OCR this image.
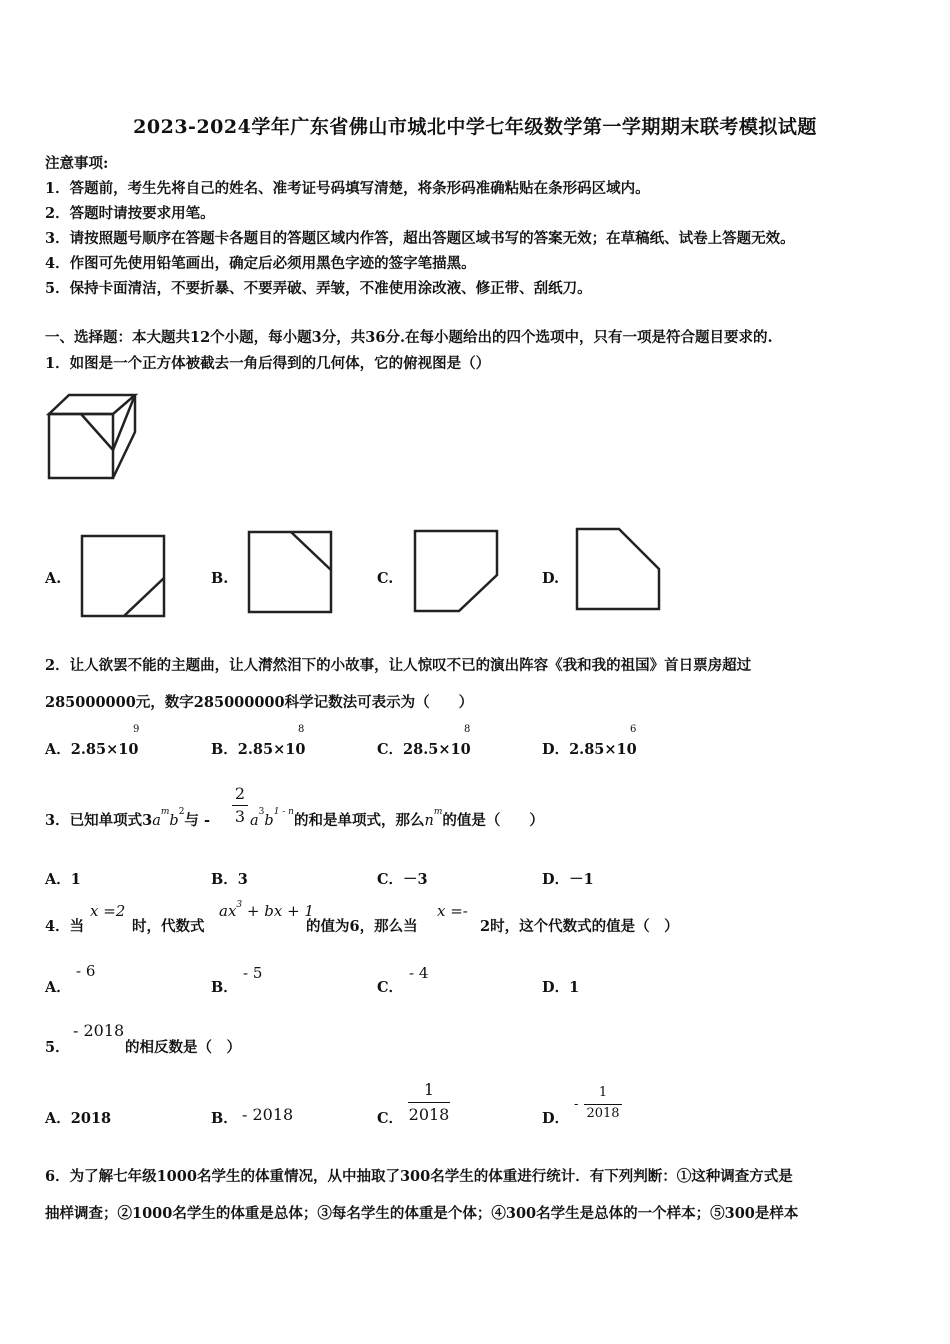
2023-2024学年广东省佛山市城北中学七年级数学第一学期期末联考模拟试题
注意事项:
1．答题前，考生先将自己的姓名、准考证号码填写清楚，将条形码准确粘贴在条形码区域内。
2．答题时请按要求用笔。
3．请按照题号顺序在答题卡各题目的答题区域内作答，超出答题区域书写的答案无效；在草稿纸、试卷上答题无效。
4．作图可先使用铅笔画出，确定后必须用黑色字迹的签字笔描黑。
5．保持卡面清洁，不要折暴、不要弄破、弄皱，不准使用涂改液、修正带、刮纸刀。
一、选择题：本大题共12个小题，每小题3分，共36分.在每小题给出的四个选项中，只有一项是符合题目要求的.
1．如图是一个正方体被截去一角后得到的几何体，它的俯视图是（）
A.	B.	C.	D.
2．让人欲罢不能的主题曲，让人潸然泪下的小故事，让人惊叹不已的演出阵容《我和我的祖国》首日票房超过
285000000元，数字285000000科学记数法可表示为（　　）
A．2.85×10
9
B．2.85×10
8
C．28.5×10
8
D．2.85×10
6
3．已知单项式$3a^mb^2$与 -
2
3 $a^3b^{1 - n}$的和是单项式，那么$n^m$的值是（　　）
A．1	B．3	C．－3	D．－1
4．当
x =2
时，代数式
$ax^3$ + bx + 1
的值为6，那么当
x =-
2时，这个代数式的值是（　）
A．
- 6
B．
- 5
C．
- 4
D．1
5．
- 2018
的相反数是（　）
A．2018	B． - 2018	C．
1
2018	D．
-
1
2018
6．为了解七年级1000名学生的体重情况，从中抽取了300名学生的体重进行统计．有下列判断：①这种调查方式是
抽样调查；②1000名学生的体重是总体；③每名学生的体重是个体；④300名学生是总体的一个样本；⑤300是样本
